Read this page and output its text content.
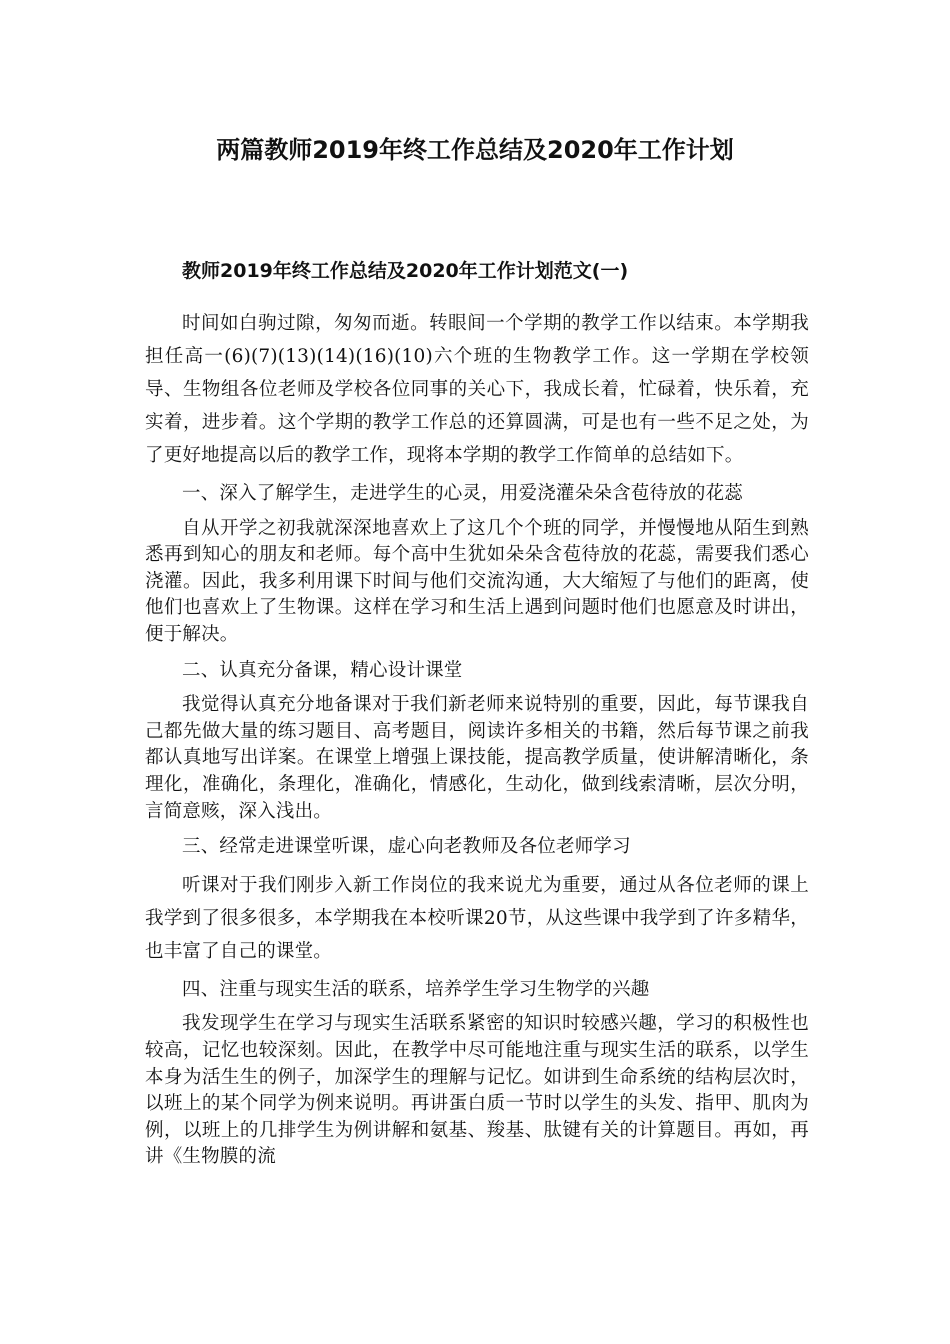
两篇教师2019年终工作总结及2020年工作计划
教师2019年终工作总结及2020年工作计划范文(一)

时间如白驹过隙，匆匆而逝。转眼间一个学期的教学工作以结束。本学期我担任高一(6)(7)(13)(14)(16)(10)六个班的生物教学工作。这一学期在学校领导、生物组各位老师及学校各位同事的关心下，我成长着，忙碌着，快乐着，充实着，进步着。这个学期的教学工作总的还算圆满，可是也有一些不足之处，为了更好地提高以后的教学工作，现将本学期的教学工作简单的总结如下。

一、深入了解学生，走进学生的心灵，用爱浇灌朵朵含苞待放的花蕊

自从开学之初我就深深地喜欢上了这几个个班的同学，并慢慢地从陌生到熟悉再到知心的朋友和老师。每个高中生犹如朵朵含苞待放的花蕊，需要我们悉心浇灌。因此，我多利用课下时间与他们交流沟通，大大缩短了与他们的距离，使他们也喜欢上了生物课。这样在学习和生活上遇到问题时他们也愿意及时讲出，便于解决。

二、认真充分备课，精心设计课堂

我觉得认真充分地备课对于我们新老师来说特别的重要，因此，每节课我自己都先做大量的练习题目、高考题目，阅读许多相关的书籍，然后每节课之前我都认真地写出详案。在课堂上增强上课技能，提高教学质量，使讲解清晰化，条理化，准确化，条理化，准确化，情感化，生动化，做到线索清晰，层次分明，言简意赅，深入浅出。

三、经常走进课堂听课，虚心向老教师及各位老师学习

听课对于我们刚步入新工作岗位的我来说尤为重要，通过从各位老师的课上我学到了很多很多，本学期我在本校听课20节，从这些课中我学到了许多精华，也丰富了自己的课堂。

四、注重与现实生活的联系，培养学生学习生物学的兴趣

我发现学生在学习与现实生活联系紧密的知识时较感兴趣，学习的积极性也较高，记忆也较深刻。因此，在教学中尽可能地注重与现实生活的联系，以学生本身为活生生的例子，加深学生的理解与记忆。如讲到生命系统的结构层次时，以班上的某个同学为例来说明。再讲蛋白质一节时以学生的头发、指甲、肌肉为例，以班上的几排学生为例讲解和氨基、羧基、肽键有关的计算题目。再如，再讲《生物膜的流
